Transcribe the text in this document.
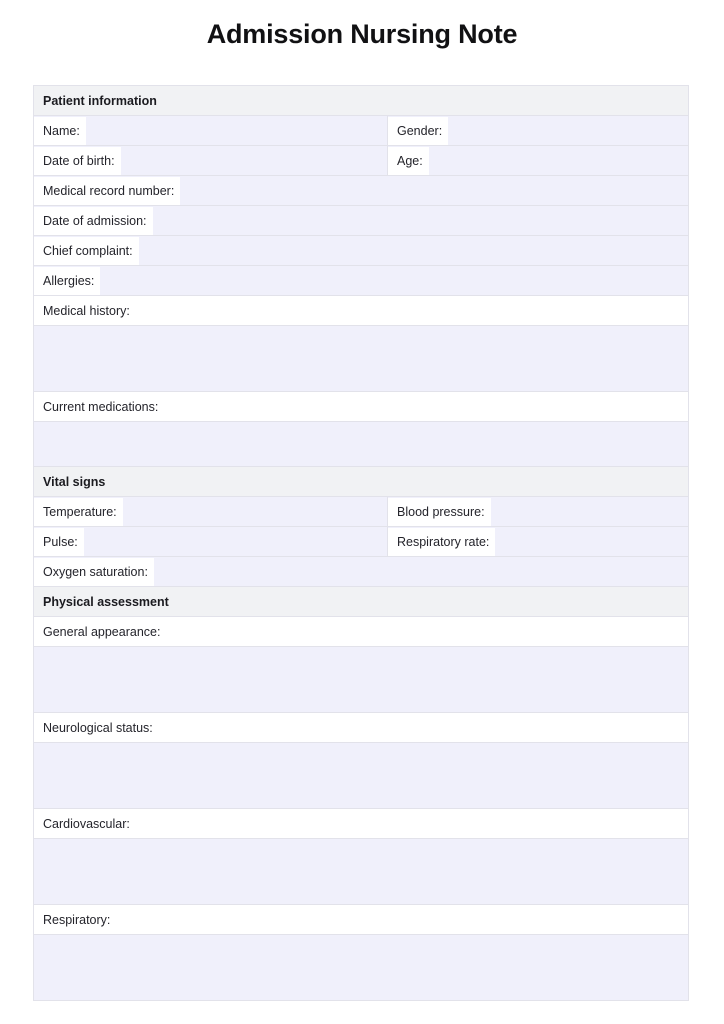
Admission Nursing Note
Patient information	

Name:	Gender:
Date of birth:	Age:
Medical record number:	
Date of admission:	
Chief complaint:	
Allergies:	
Medical history:	

Current medications:	

Vital signs	

Temperature:	Blood pressure:
Pulse:	Respiratory rate:
Oxygen saturation:	

Physical assessment	

General appearance:	

Neurological status:	

Cardiovascular:	

Respiratory:	
